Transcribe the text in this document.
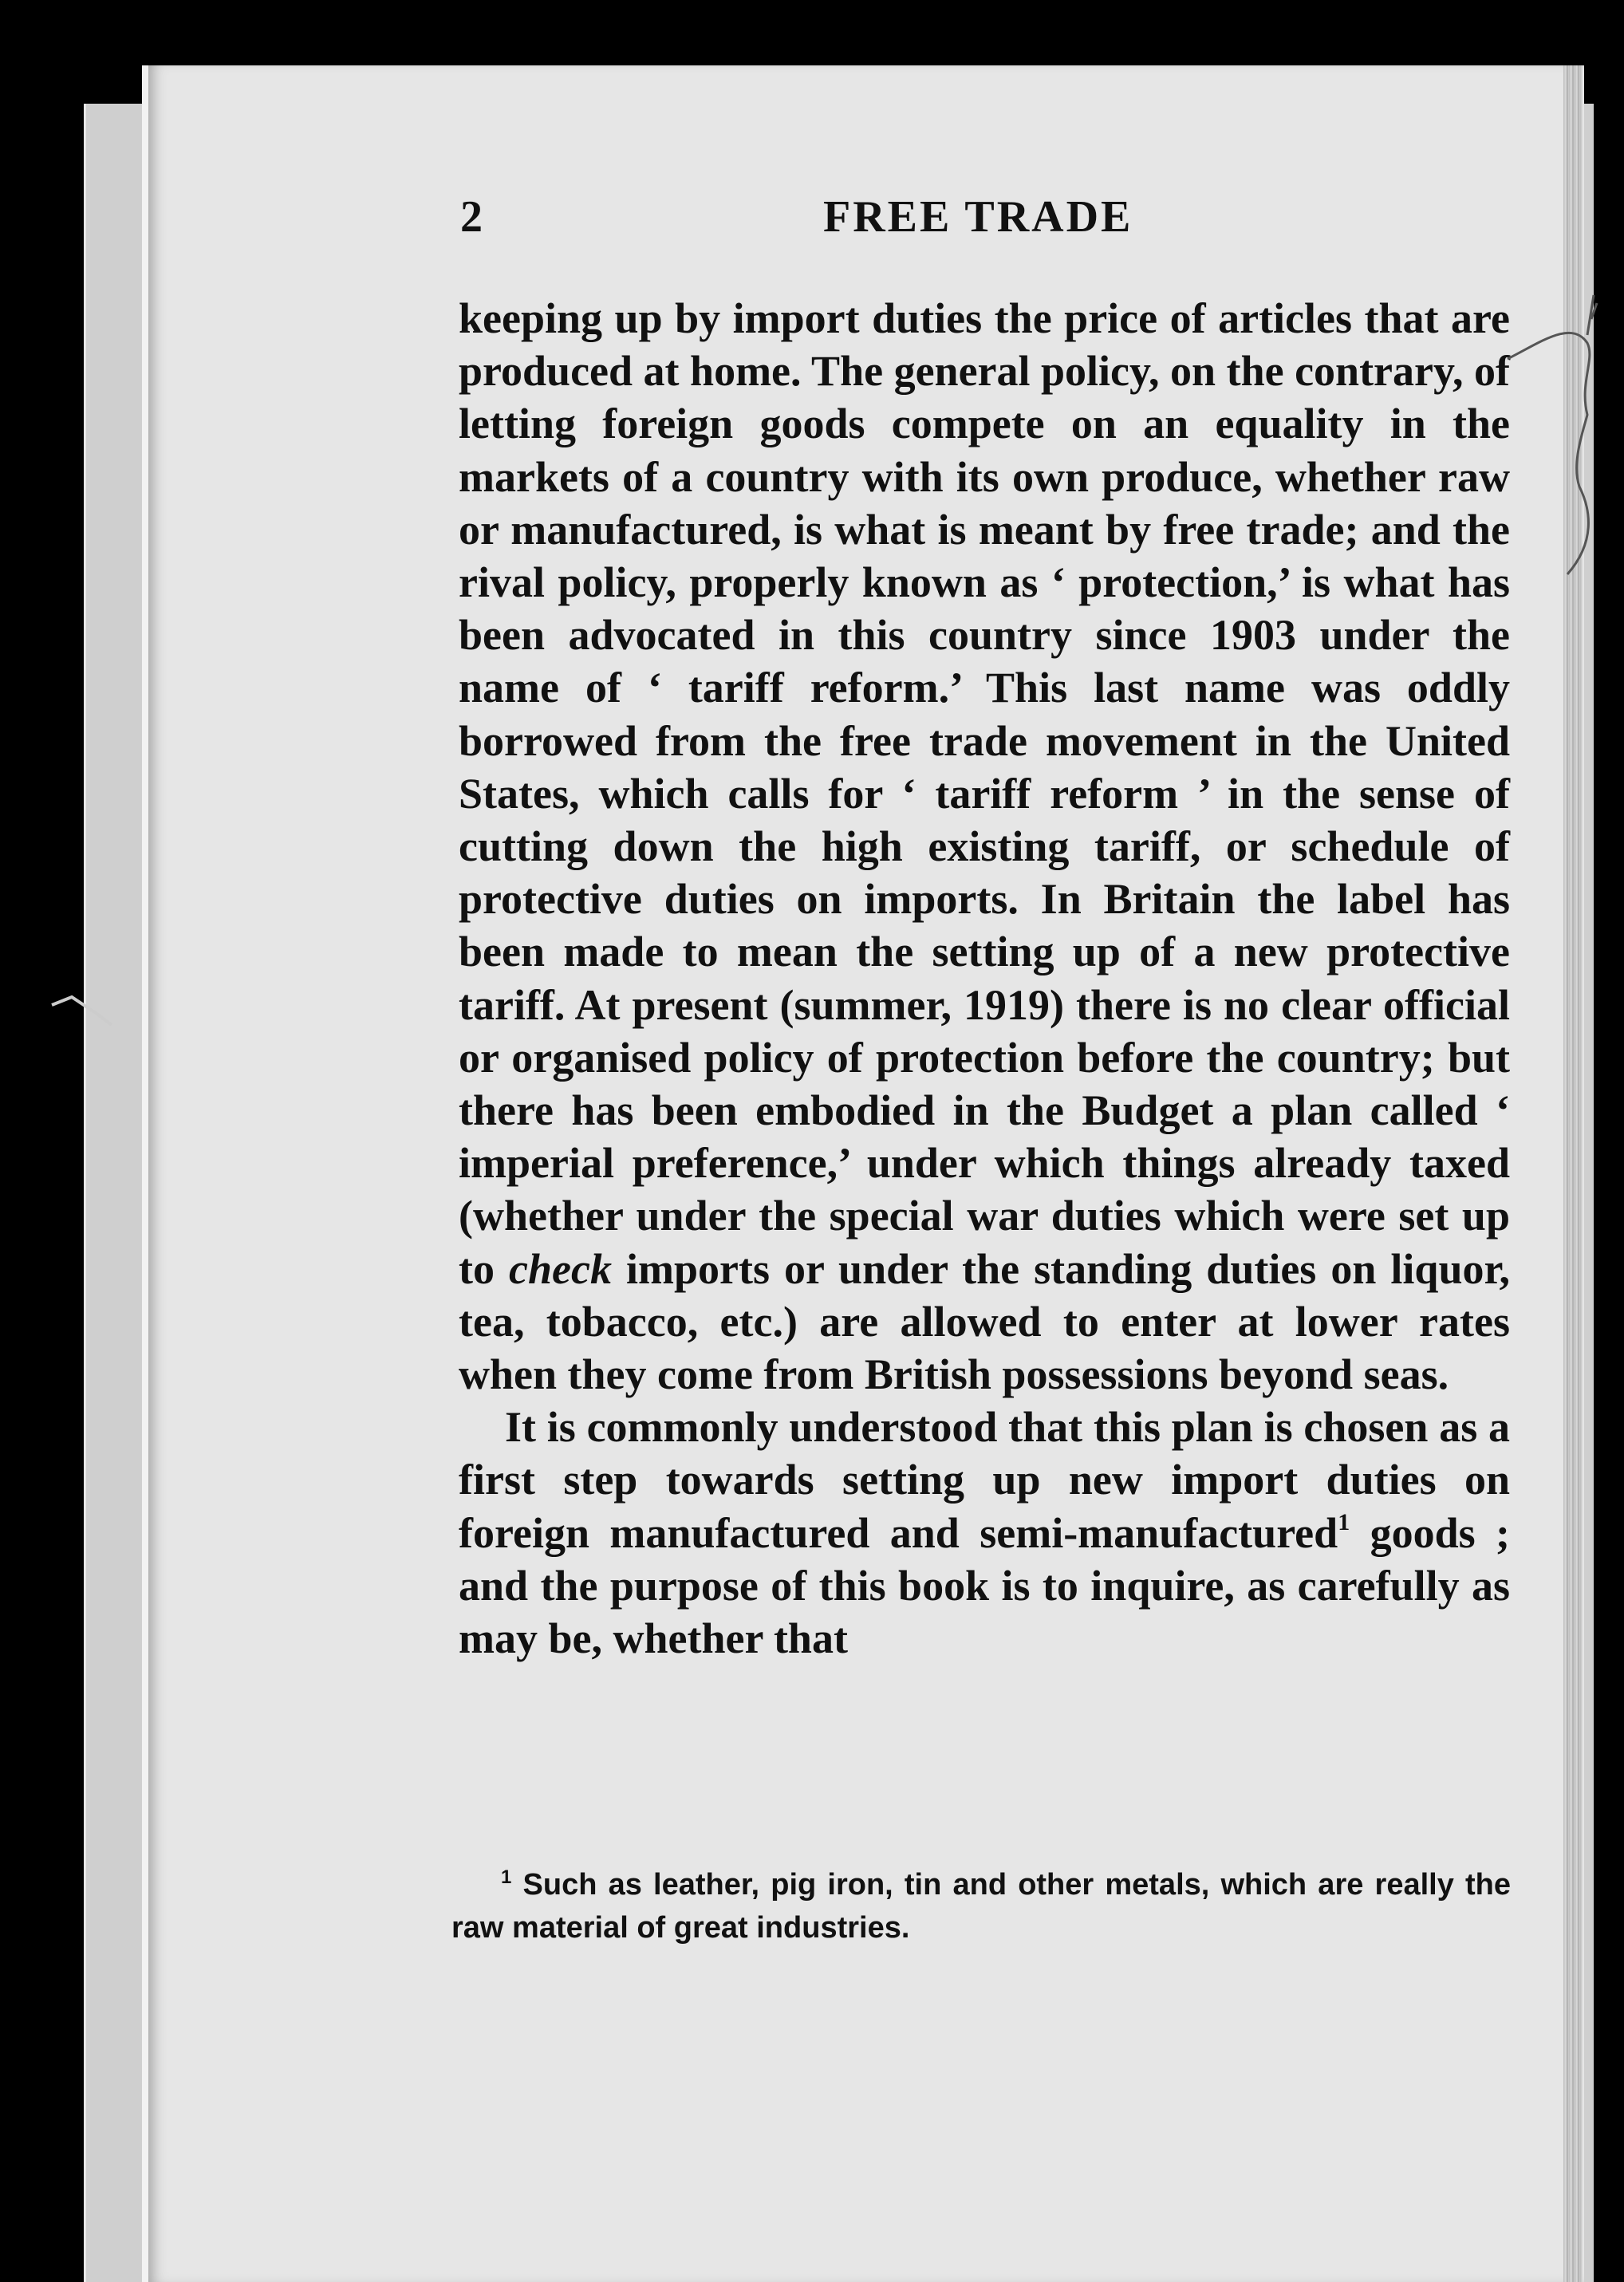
2	FREE TRADE

keeping up by import duties the price of articles that are produced at home. The general policy, on the contrary, of letting foreign goods compete on an equality in the markets of a country with its own produce, whether raw or manufactured, is what is meant by free trade; and the rival policy, properly known as ‘ protection,’ is what has been advocated in this country since 1903 under the name of ‘ tariff reform.’ This last name was oddly borrowed from the free trade movement in the United States, which calls for ‘ tariff reform ’ in the sense of cutting down the high existing tariff, or schedule of protective duties on imports. In Britain the label has been made to mean the setting up of a new protective tariff. At present (summer, 1919) there is no clear official or organised policy of protection before the country; but there has been embodied in the Budget a plan called ‘ imperial preference,’ under which things already taxed (whether under the special war duties which were set up to check imports or under the standing duties on liquor, tea, tobacco, etc.) are allowed to enter at lower rates when they come from British possessions beyond seas.

It is commonly understood that this plan is chosen as a first step towards setting up new import duties on foreign manufactured and semi-manufactured$^1$ goods ; and the purpose of this book is to inquire, as carefully as may be, whether that

$^1$ Such as leather, pig iron, tin and other metals, which are really the raw material of great industries.
